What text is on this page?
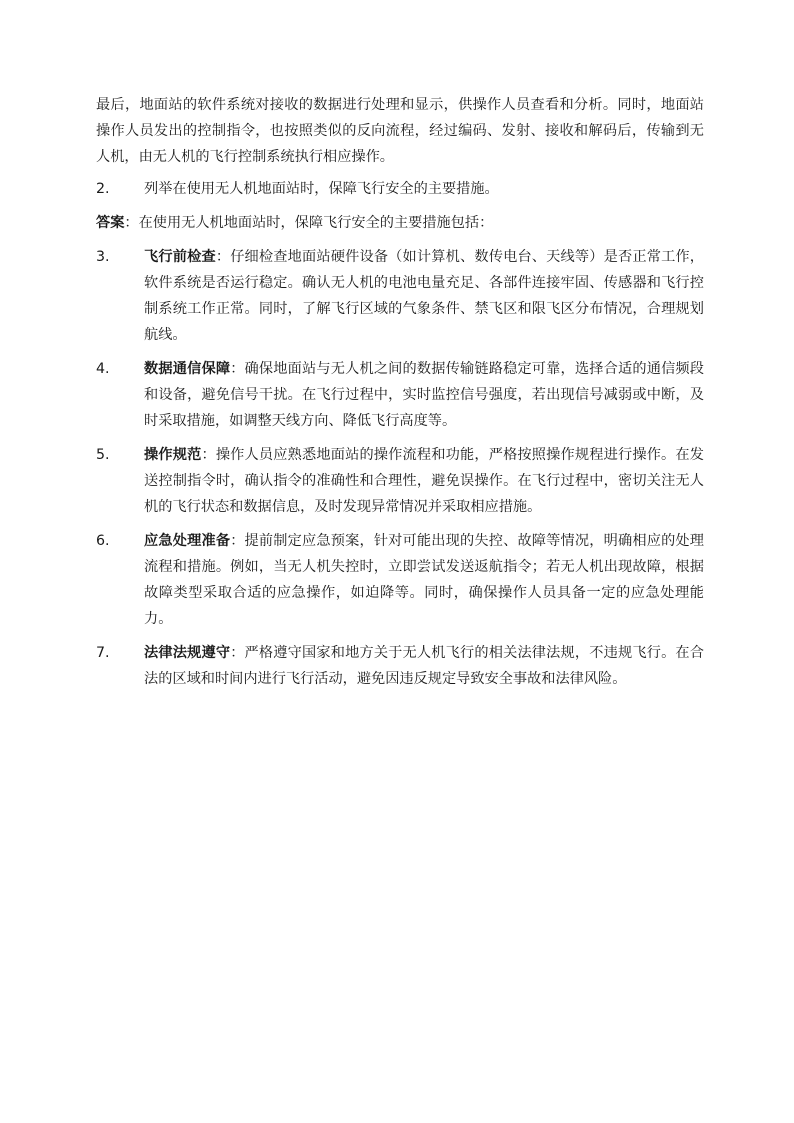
最后，地面站的软件系统对接收的数据进行处理和显示，供操作人员查看和分析。同时，地面站操作人员发出的控制指令，也按照类似的反向流程，经过编码、发射、接收和解码后，传输到无人机，由无人机的飞行控制系统执行相应操作。

2.	列举在使用无人机地面站时，保障飞行安全的主要措施。

答案：在使用无人机地面站时，保障飞行安全的主要措施包括：

3.	飞行前检查：仔细检查地面站硬件设备（如计算机、数传电台、天线等）是否正常工作，软件系统是否运行稳定。确认无人机的电池电量充足、各部件连接牢固、传感器和飞行控制系统工作正常。同时，了解飞行区域的气象条件、禁飞区和限飞区分布情况，合理规划航线。
4.	数据通信保障：确保地面站与无人机之间的数据传输链路稳定可靠，选择合适的通信频段和设备，避免信号干扰。在飞行过程中，实时监控信号强度，若出现信号减弱或中断，及时采取措施，如调整天线方向、降低飞行高度等。
5.	操作规范：操作人员应熟悉地面站的操作流程和功能，严格按照操作规程进行操作。在发送控制指令时，确认指令的准确性和合理性，避免误操作。在飞行过程中，密切关注无人机的飞行状态和数据信息，及时发现异常情况并采取相应措施。
6.	应急处理准备：提前制定应急预案，针对可能出现的失控、故障等情况，明确相应的处理流程和措施。例如，当无人机失控时，立即尝试发送返航指令；若无人机出现故障，根据故障类型采取合适的应急操作，如迫降等。同时，确保操作人员具备一定的应急处理能力。
7.	法律法规遵守：严格遵守国家和地方关于无人机飞行的相关法律法规，不违规飞行。在合法的区域和时间内进行飞行活动，避免因违反规定导致安全事故和法律风险。
